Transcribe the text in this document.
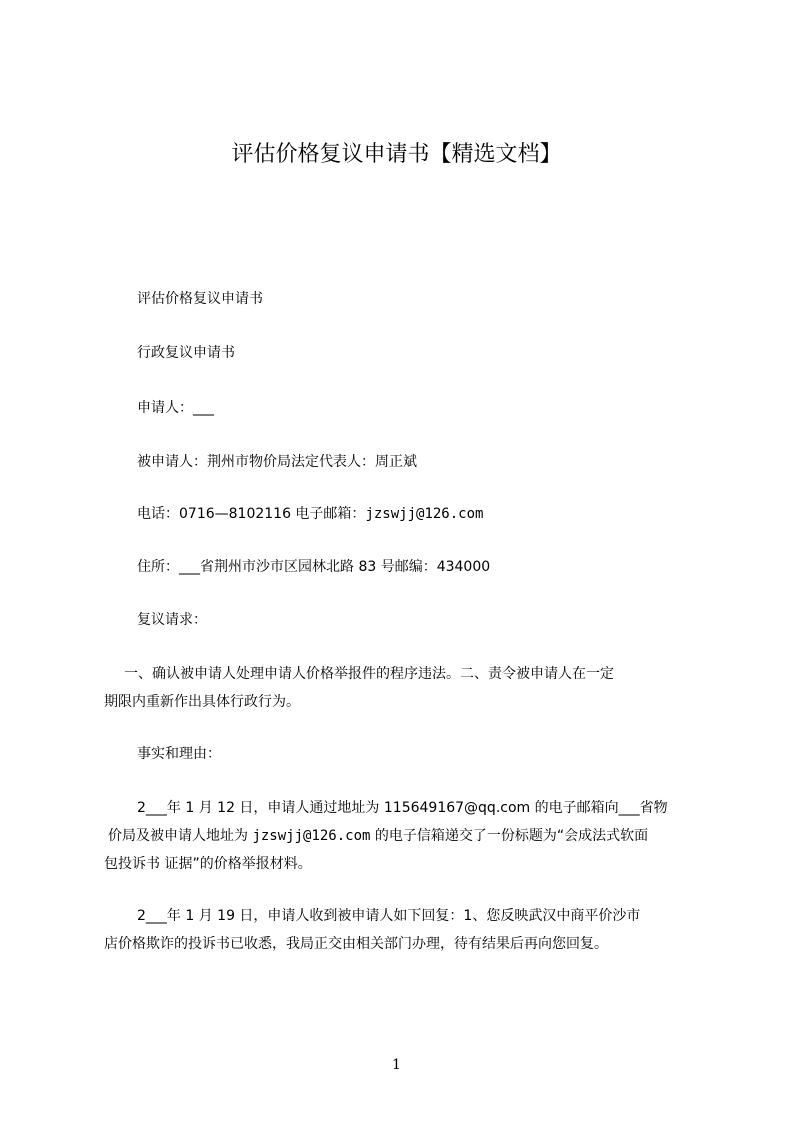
评估价格复议申请书【精选文档】
评估价格复议申请书
行政复议申请书
申请人：___
被申请人：荆州市物价局法定代表人：周正斌
电话：0716—8102116 电子邮箱：jzswjj@126.com
住所：___省荆州市沙市区园林北路 83 号邮编：434000
复议请求：
一、确认被申请人处理申请人价格举报件的程序违法。二、责令被申请人在一定
期限内重新作出具体行政行为。
事实和理由：
2___年 1 月 12 日，申请人通过地址为 115649167@qq.com 的电子邮箱向___省物
价局及被申请人地址为 jzswjj@126.com 的电子信箱递交了一份标题为“会成法式软面
包投诉书 证据”的价格举报材料。
2___年 1 月 19 日，申请人收到被申请人如下回复：1、您反映武汉中商平价沙市
店价格欺诈的投诉书已收悉，我局正交由相关部门办理，待有结果后再向您回复。
1
